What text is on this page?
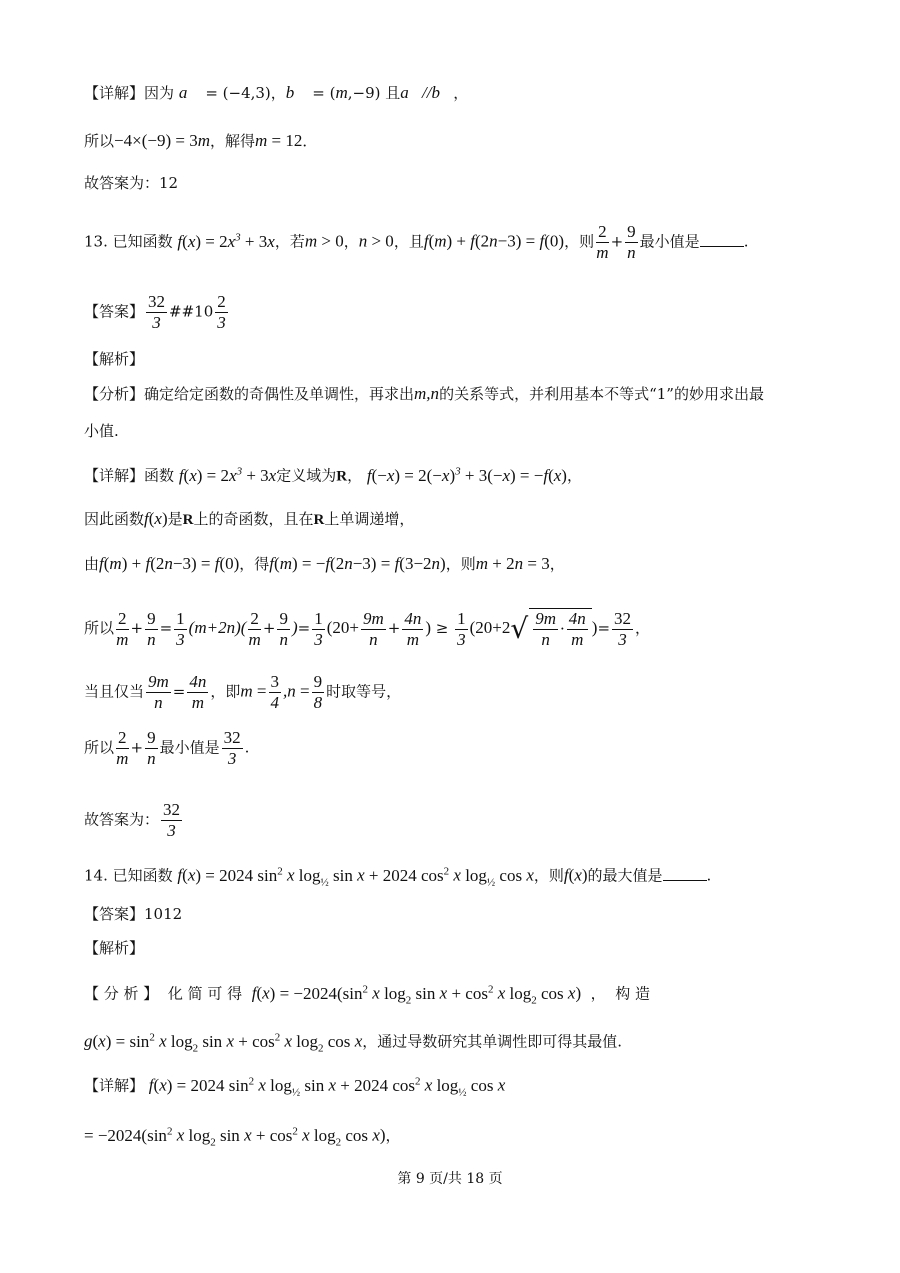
【详解】因为 a⃗ = (−4,3)，b⃗ = (m,−9) 且a⃗//b⃗，
所以−4×(−9) = 3m，解得m = 12．
故答案为：12
13. 已知函数 $f(x) = 2x^3 + 3x$，若m > 0，n > 0，且f(m) + f(2n−3) = f(0)，则 $\frac{2}{m} + \frac{9}{n}$ 最小值是	.
【答案】 $\frac{32}{3}$ ##10 $\frac{2}{3}$
【解析】
【分析】确定给定函数的奇偶性及单调性，再求出m,n的关系等式，并利用基本不等式“1”的妙用求出最
小值.
【详解】函数 $f(x) = 2x^3 + 3x$定义域为R， $f(-x) = 2(-x)^3 + 3(-x) = -f(x)$，
因此函数f(x)是R上的奇函数，且在R上单调递增，
由f(m) + f(2n−3) = f(0)，得f(m) = −f(2n−3) = f(3−2n)，则m + 2n = 3，
所以 $\frac{2}{m} + \frac{9}{n} = \frac{1}{3} (m+2n)( \frac{2}{m} + \frac{9}{n}$ )= $\frac{1}{3} (20+ \frac{9m}{n} + \frac{4n}{m}$ ) ≥ $\frac{1}{3} (20+2√ \frac{9m}{n} \cdot \frac{4n}{m}$ )= $\frac{32}{3}$ ，
当且仅当 $\frac{9m}{n} = \frac{4n}{m}$ ，即$m = \frac{3}{4} ,n = \frac{9}{8}$ 时取等号，
所以 $\frac{2}{m} + \frac{9}{n}$ 最小值是 $\frac{32}{3}$ .
故答案为： $\frac{32}{3}$
14. 已知函数 f(x) = 2024 $\sin^2 x$ $\log_{\frac{1}{2}} \sin x + 2024$ $\cos^2 x$ $\log_{\frac{1}{2}} \cos x$，则f(x)的最大值是	.
【答案】1012
【解析】
【 分 析 】 化 简 可 得 $f(x) = -2024(\sin^2$ x $\log_2 \sin x + \cos^2 x$ $\log_2 \cos x$) ， 构 造
$g(x) = \sin^2 x$ $\log_2 \sin x + \cos^2 x$ $\log_2 \cos x$，通过导数研究其单调性即可得其最值.
【详解】 f(x) = 2024 $\sin^2 x$ $\log_{\frac{1}{2}} \sin x + 2024$ $\cos^2 x$ $\log_{\frac{1}{2}} \cos x$
= $-2024(\sin^2$ x $\log_2 \sin x + \cos^2 x$ $\log_2 \cos x$)，
第 9 页/共 18 页
